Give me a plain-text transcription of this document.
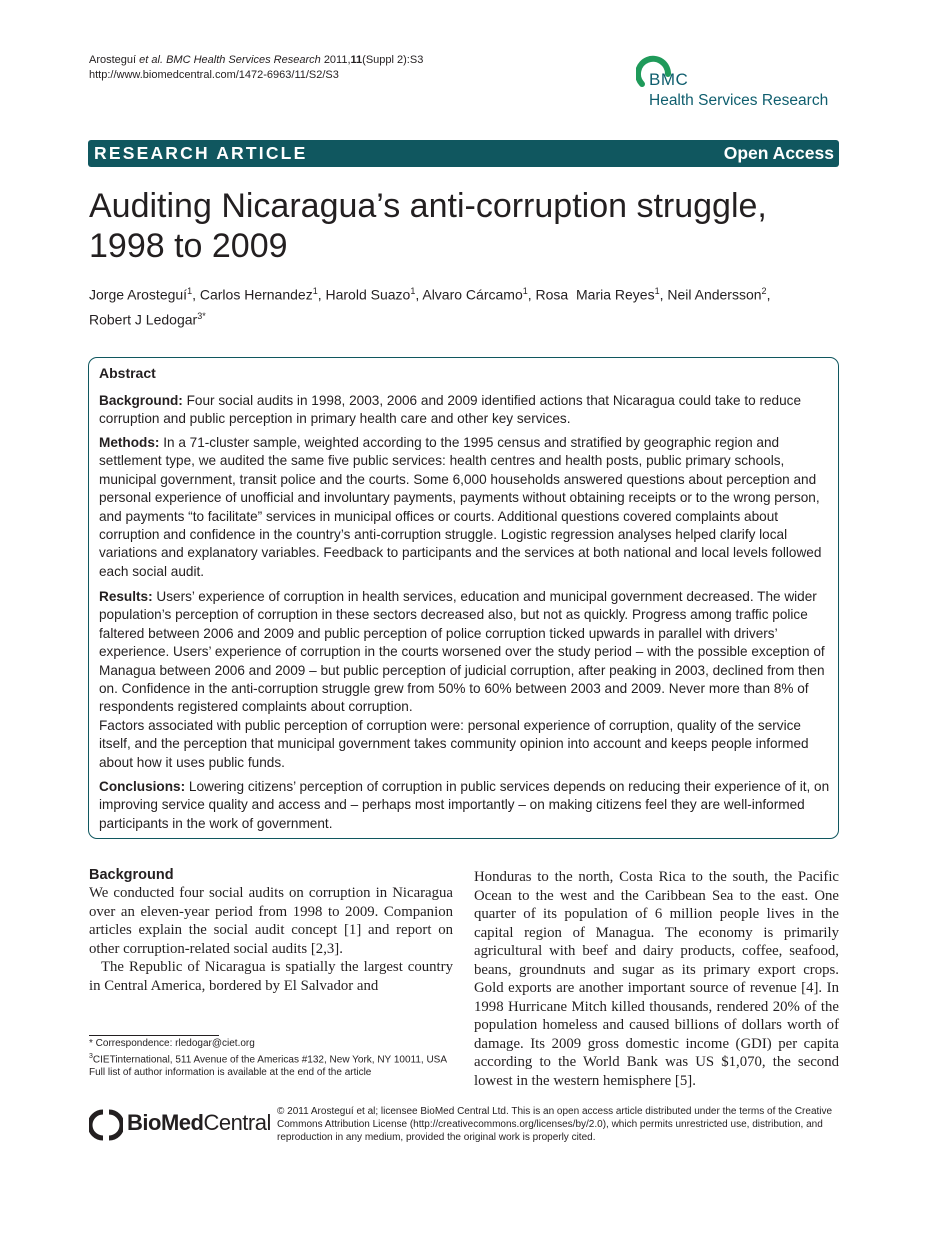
Arosteguí et al. BMC Health Services Research 2011,11(Suppl 2):S3
http://www.biomedcentral.com/1472-6963/11/S2/S3	BMC
Health Services Research
RESEARCH ARTICLE	Open Access
Auditing Nicaragua’s anti-corruption struggle,
1998 to 2009
Jorge Arosteguí$^1$, Carlos Hernandez$^1$, Harold Suazo$^1$, Alvaro Cárcamo$^1$, Rosa  Maria Reyes$^1$, Neil Andersson$^2$,
Robert J Ledogar$^{3*}$
Abstract

Background: Four social audits in 1998, 2003, 2006 and 2009 identified actions that Nicaragua could take to reduce corruption and public perception in primary health care and other key services.

Methods: In a 71-cluster sample, weighted according to the 1995 census and stratified by geographic region and settlement type, we audited the same five public services: health centres and health posts, public primary schools, municipal government, transit police and the courts. Some 6,000 households answered questions about perception and personal experience of unofficial and involuntary payments, payments without obtaining receipts or to the wrong person, and payments “to facilitate” services in municipal offices or courts. Additional questions covered complaints about corruption and confidence in the country’s anti-corruption struggle. Logistic regression analyses helped clarify local variations and explanatory variables. Feedback to participants and the services at both national and local levels followed each social audit.

Results: Users’ experience of corruption in health services, education and municipal government decreased. The wider population’s perception of corruption in these sectors decreased also, but not as quickly. Progress among traffic police faltered between 2006 and 2009 and public perception of police corruption ticked upwards in parallel with drivers’ experience. Users’ experience of corruption in the courts worsened over the study period – with the possible exception of Managua between 2006 and 2009 – but public perception of judicial corruption, after peaking in 2003, declined from then on. Confidence in the anti-corruption struggle grew from 50% to 60% between 2003 and 2009. Never more than 8% of respondents registered complaints about corruption.
Factors associated with public perception of corruption were: personal experience of corruption, quality of the service itself, and the perception that municipal government takes community opinion into account and keeps people informed about how it uses public funds.

Conclusions: Lowering citizens’ perception of corruption in public services depends on reducing their experience of it, on improving service quality and access and – perhaps most importantly – on making citizens feel they are well-informed participants in the work of government.

Background

We conducted four social audits on corruption in Nicaragua over an eleven-year period from 1998 to 2009. Companion articles explain the social audit concept [1] and report on other corruption-related social audits [2,3].

The Republic of Nicaragua is spatially the largest country in Central America, bordered by El Salvador and

Honduras to the north, Costa Rica to the south, the Pacific Ocean to the west and the Caribbean Sea to the east. One quarter of its population of 6 million people lives in the capital region of Managua. The economy is primarily agricultural with beef and dairy products, coffee, seafood, beans, groundnuts and sugar as its primary export crops. Gold exports are another important source of revenue [4]. In 1998 Hurricane Mitch killed thousands, rendered 20% of the population homeless and caused billions of dollars worth of damage. Its 2009 gross domestic income (GDI) per capita according to the World Bank was US $1,070, the second lowest in the western hemisphere [5].

* Correspondence: rledogar@ciet.org
$^3$CIETinternational, 511 Avenue of the Americas #132, New York, NY 10011, USA
Full list of author information is available at the end of the article
BioMedCentral © 2011 Arosteguí et al; licensee BioMed Central Ltd. This is an open access article distributed under the terms of the Creative Commons Attribution License (http://creativecommons.org/licenses/by/2.0), which permits unrestricted use, distribution, and reproduction in any medium, provided the original work is properly cited.
